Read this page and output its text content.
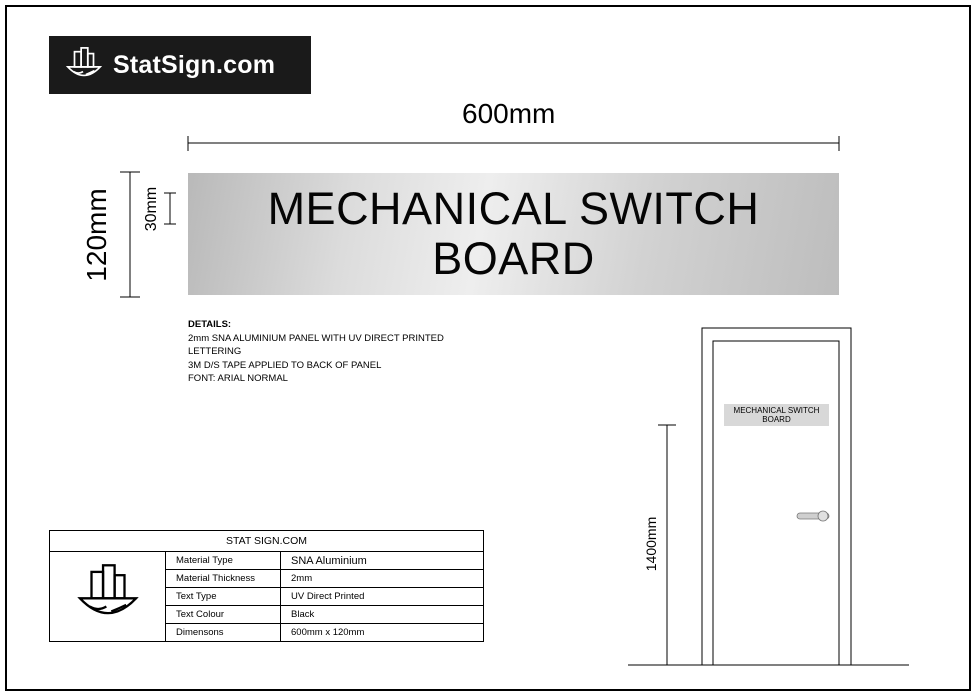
StatSign.com
600mm
120mm 30mm
1400mm
MECHANICAL SWITCH
BOARD
DETAILS:
2mm SNA ALUMINIUM PANEL WITH UV DIRECT PRINTED
LETTERING
3M D/S TAPE APPLIED TO BACK OF PANEL
FONT: ARIAL NORMAL
STAT SIGN.COM		
	Material Type	SNA Aluminium
	Material Thickness	2mm
	Text Type	UV Direct Printed
	Text Colour	Black
	Dimensons	600mm x 120mm
MECHANICAL SWITCH
BOARD
